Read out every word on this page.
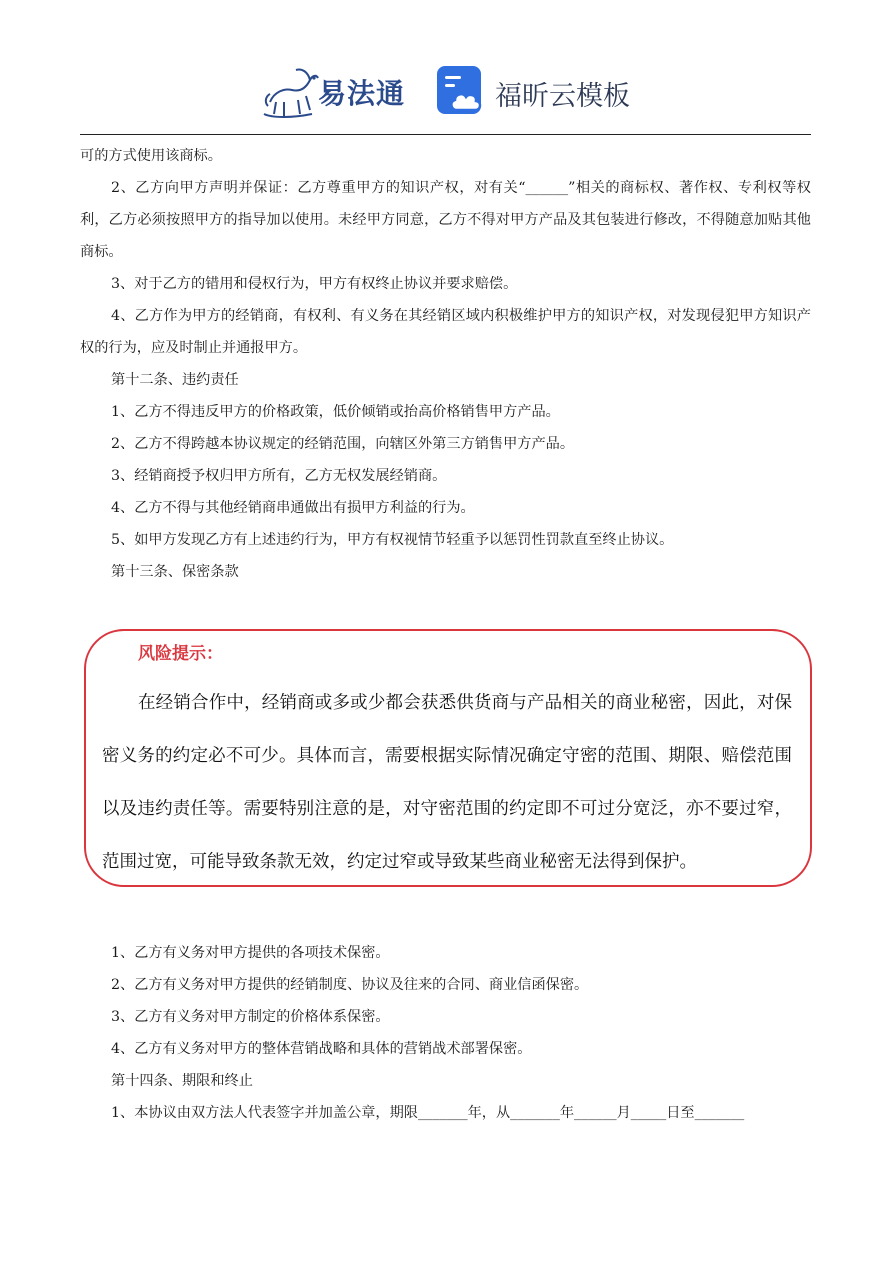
易法通	福昕云模板
可的方式使用该商标。
2、乙方向甲方声明并保证：乙方尊重甲方的知识产权，对有关“______”相关的商标权、著作权、专利权等权利，乙方必须按照甲方的指导加以使用。未经甲方同意，乙方不得对甲方产品及其包装进行修改，不得随意加贴其他商标。
3、对于乙方的错用和侵权行为，甲方有权终止协议并要求赔偿。
4、乙方作为甲方的经销商，有权利、有义务在其经销区域内积极维护甲方的知识产权，对发现侵犯甲方知识产权的行为，应及时制止并通报甲方。
第十二条、违约责任
1、乙方不得违反甲方的价格政策，低价倾销或抬高价格销售甲方产品。
2、乙方不得跨越本协议规定的经销范围，向辖区外第三方销售甲方产品。
3、经销商授予权归甲方所有，乙方无权发展经销商。
4、乙方不得与其他经销商串通做出有损甲方利益的行为。
5、如甲方发现乙方有上述违约行为，甲方有权视情节轻重予以惩罚性罚款直至终止协议。
第十三条、保密条款
1、乙方有义务对甲方提供的各项技术保密。
2、乙方有义务对甲方提供的经销制度、协议及往来的合同、商业信函保密。
3、乙方有义务对甲方制定的价格体系保密。
4、乙方有义务对甲方的整体营销战略和具体的营销战术部署保密。
第十四条、期限和终止
1、本协议由双方法人代表签字并加盖公章，期限_______年，从_______年______月_____日至_______
风险提示：
在经销合作中，经销商或多或少都会获悉供货商与产品相关的商业秘密，因此，对保密义务的约定必不可少。具体而言，需要根据实际情况确定守密的范围、期限、赔偿范围以及违约责任等。需要特别注意的是，对守密范围的约定即不可过分宽泛，亦不要过窄，范围过宽，可能导致条款无效，约定过窄或导致某些商业秘密无法得到保护。
